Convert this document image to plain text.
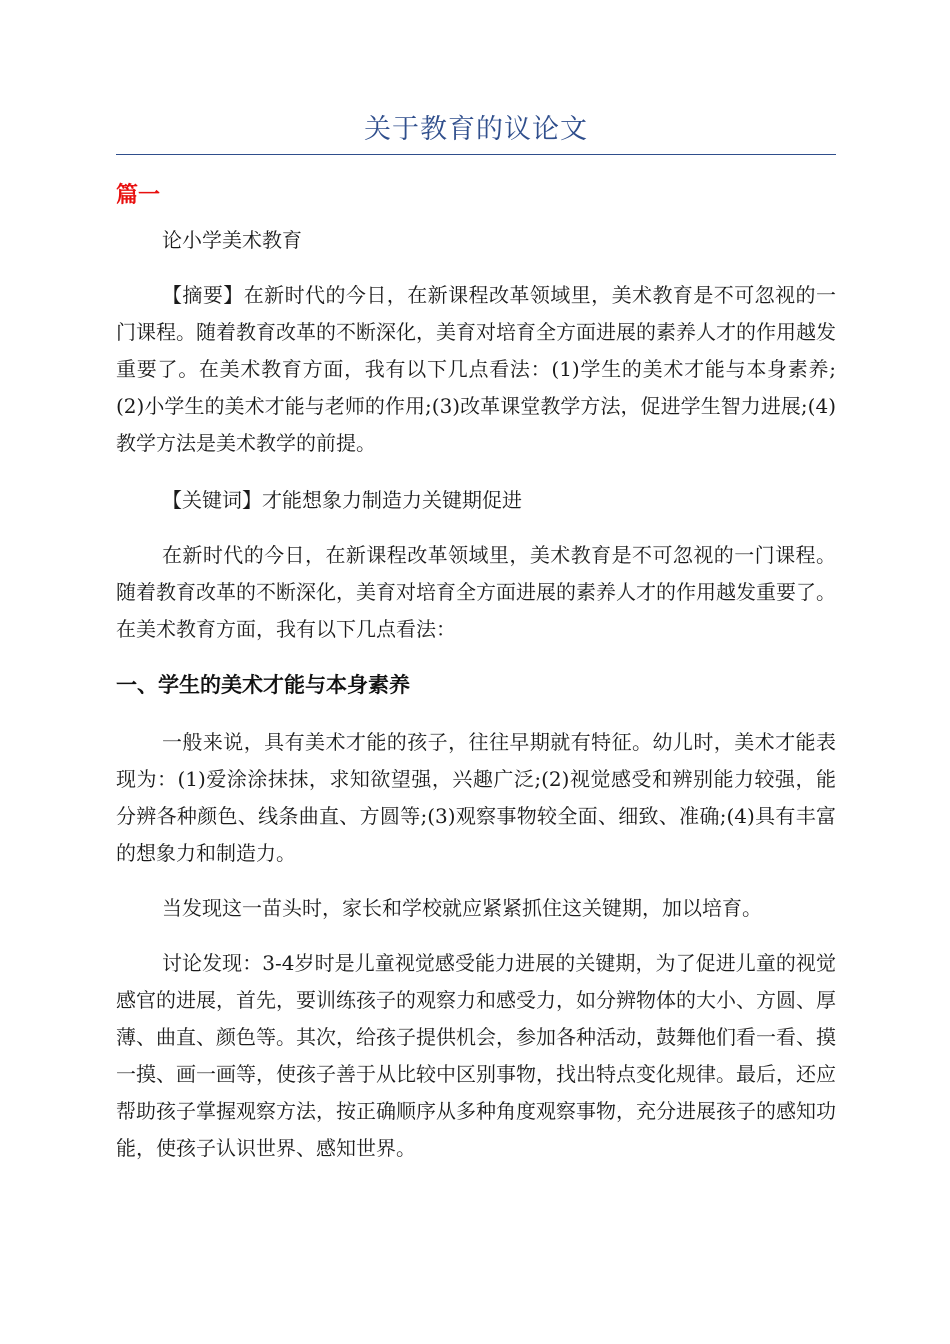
关于教育的议论文
篇一

论小学美术教育

【摘要】在新时代的今日，在新课程改革领域里，美术教育是不可忽视的一门课程。随着教育改革的不断深化，美育对培育全方面进展的素养人才的作用越发重要了。在美术教育方面，我有以下几点看法：(1)学生的美术才能与本身素养;(2)小学生的美术才能与老师的作用;(3)改革课堂教学方法，促进学生智力进展;(4)教学方法是美术教学的前提。

【关键词】才能想象力制造力关键期促进

在新时代的今日，在新课程改革领域里，美术教育是不可忽视的一门课程。随着教育改革的不断深化，美育对培育全方面进展的素养人才的作用越发重要了。在美术教育方面，我有以下几点看法：

一、学生的美术才能与本身素养

一般来说，具有美术才能的孩子，往往早期就有特征。幼儿时，美术才能表现为：(1)爱涂涂抹抹，求知欲望强，兴趣广泛;(2)视觉感受和辨别能力较强，能分辨各种颜色、线条曲直、方圆等;(3)观察事物较全面、细致、准确;(4)具有丰富的想象力和制造力。

当发现这一苗头时，家长和学校就应紧紧抓住这关键期，加以培育。

讨论发现：3-4岁时是儿童视觉感受能力进展的关键期，为了促进儿童的视觉感官的进展，首先，要训练孩子的观察力和感受力，如分辨物体的大小、方圆、厚薄、曲直、颜色等。其次，给孩子提供机会，参加各种活动，鼓舞他们看一看、摸一摸、画一画等，使孩子善于从比较中区别事物，找出特点变化规律。最后，还应帮助孩子掌握观察方法，按正确顺序从多种角度观察事物，充分进展孩子的感知功能，使孩子认识世界、感知世界。
